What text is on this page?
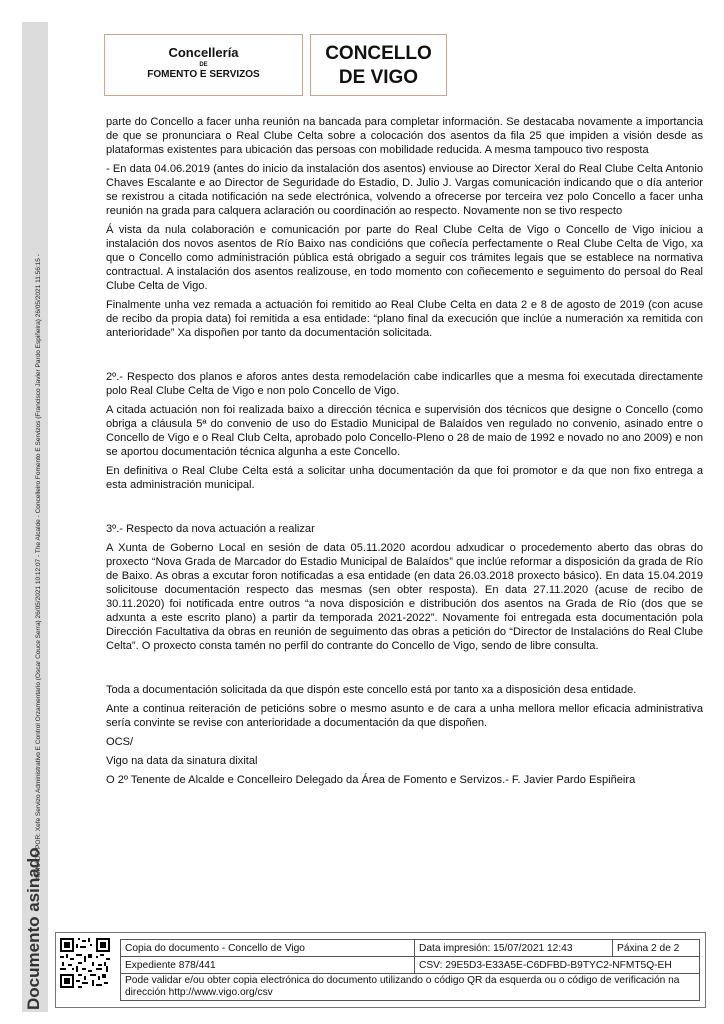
ASINADO POR: Xefe Servizo Administrativo E Control Orzamentario (Oscar Couce Serra) 26/05/2021 10:12:07 - The Alcalde - Concelleiro Fomento E Servizos (Francisco Javier Pardo Espiñeira) 26/05/2021 11:56:15 -
Documento asinado
Concellería
DE
FOMENTO E SERVIZOS
CONCELLO
DE VIGO

parte do Concello a facer unha reunión na bancada para completar información. Se destacaba novamente a importancia de que se pronunciara o Real Clube Celta sobre a colocación dos asentos da fila 25 que impiden a visión desde as plataformas existentes para ubicación das persoas con mobilidade reducida. A mesma tampouco tivo resposta

- En data 04.06.2019 (antes do inicio da instalación dos asentos) enviouse ao Director Xeral do Real Clube Celta Antonio Chaves Escalante e ao Director de Seguridade do Estadio, D. Julio J. Vargas comunicación indicando que o día anterior se rexistrou a citada notificación na sede electrónica, volvendo a ofrecerse por terceira vez polo Concello a facer unha reunión na grada para calquera aclaración ou coordinación ao respecto. Novamente non se tivo respecto

Á vista da nula colaboración e comunicación por parte do Real Clube Celta de Vigo o Concello de Vigo iniciou a instalación dos novos asentos de Río Baixo nas condicións que coñecía perfectamente o Real Clube Celta de Vigo, xa que o Concello como administración pública está obrigado a seguir cos trámites legais que se establece na normativa contractual. A instalación dos asentos realizouse, en todo momento con coñecemento e seguimento do persoal do Real Clube Celta de Vigo.

Finalmente unha vez remada a actuación foi remitido ao Real Clube Celta en data 2 e 8 de agosto de 2019 (con acuse de recibo da propia data) foi remitida a esa entidade: “plano final da execución que inclúe a numeración xa remitida con anterioridade” Xa dispoñen por tanto da documentación solicitada.

2º.- Respecto dos planos e aforos antes desta remodelación cabe indicarlles que a mesma foi executada directamente polo Real Clube Celta de Vigo e non polo Concello de Vigo.

A citada actuación non foi realizada baixo a dirección técnica e supervisión dos técnicos que designe o Concello (como obriga a cláusula 5ª do convenio de uso do Estadio Municipal de Balaídos ven regulado no convenio, asinado entre o Concello de Vigo e o Real Club Celta, aprobado polo Concello-Pleno o 28 de maio de 1992 e novado no ano 2009) e non se aportou documentación técnica algunha a este Concello.

En definitiva o Real Clube Celta está a solicitar unha documentación da que foi promotor e da que non fixo entrega a esta administración municipal.

3º.- Respecto da nova actuación a realizar

A Xunta de Goberno Local en sesión de data 05.11.2020 acordou adxudicar o procedemento aberto das obras do proxecto “Nova Grada de Marcador do Estadio Municipal de Balaídos” que inclúe reformar a disposición da grada de Río de Baixo. As obras a excutar foron notificadas a esa entidade (en data 26.03.2018 proxecto básico). En data 15.04.2019 solicitouse documentación respecto das mesmas (sen obter resposta). En data 27.11.2020 (acuse de recibo de 30.11.2020) foi notificada entre outros “a nova disposición e distribución dos asentos na Grada de Río (dos que se adxunta a este escrito plano) a partir da temporada 2021-2022”. Novamente foi entregada esta documentación pola Dirección Facultativa da obras en reunión de seguimento das obras a petición do “Director de Instalacións do Real Clube Celta”. O proxecto consta tamén no perfil do contrante do Concello de Vigo, sendo de libre consulta.

Toda a documentación solicitada da que dispón este concello está por tanto xa a disposición desa entidade.

Ante a continua reiteración de peticións sobre o mesmo asunto e de cara a unha mellora mellor eficacia administrativa sería convinte se revise con anterioridade a documentación da que dispoñen.

OCS/

Vigo na data da sinatura dixital

O 2º Tenente de Alcalde e Concelleiro Delegado da Área de Fomento e Servizos.- F. Javier Pardo Espiñeira

Copia do documento - Concello de Vigo	Data impresión: 15/07/2021 12:43	Páxina 2 de 2
Expediente 878/441	CSV: 29E5D3-E33A5E-C6DFBD-B9TYC2-NFMT5Q-EH	
Pode validar e/ou obter copia electrónica do documento utilizando o código QR da esquerda ou o código de verificación na dirección http://www.vigo.org/csv		
